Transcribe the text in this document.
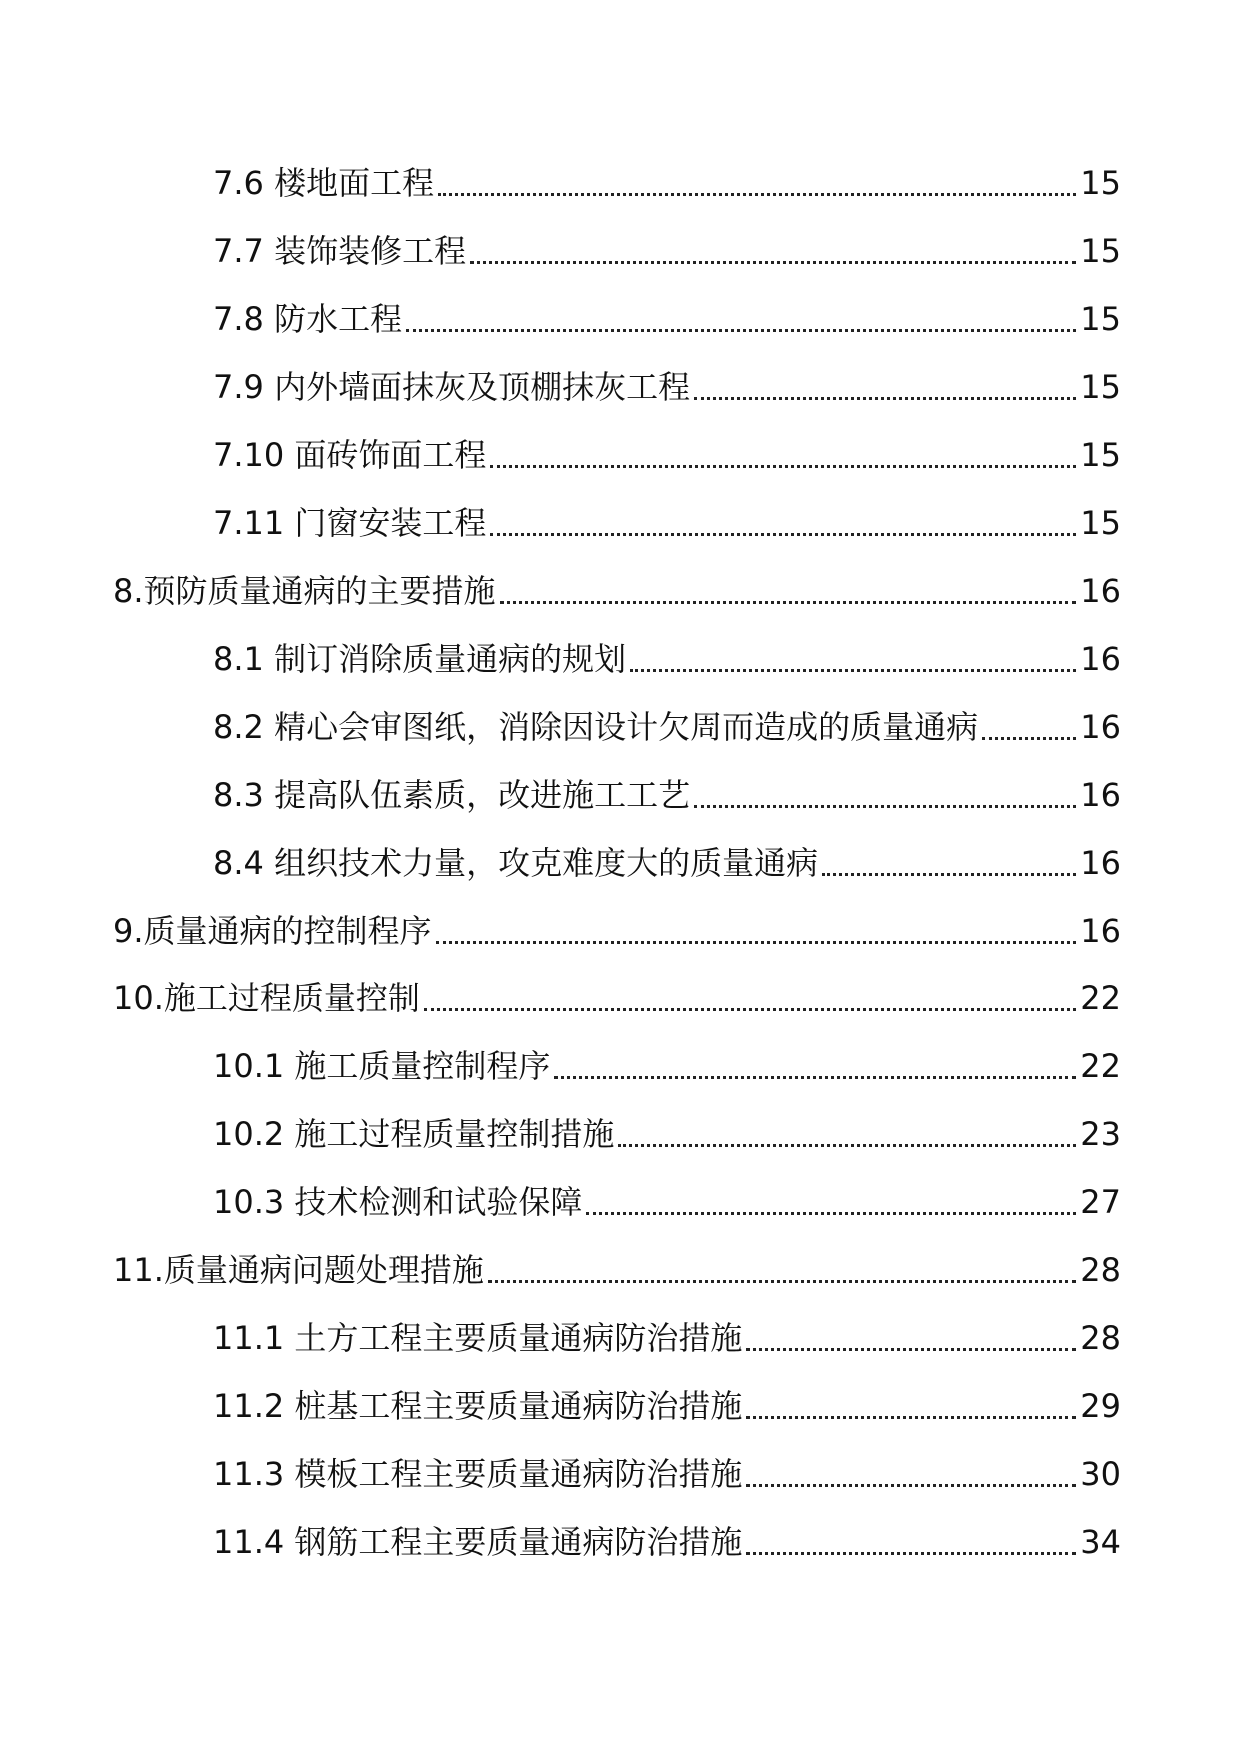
7.6 楼地面工程	15
7.7 装饰装修工程	15
7.8 防水工程	15
7.9 内外墙面抹灰及顶棚抹灰工程	15
7.10 面砖饰面工程	15
7.11 门窗安装工程	15
8.预防质量通病的主要措施	16
8.1 制订消除质量通病的规划	16
8.2 精心会审图纸，消除因设计欠周而造成的质量通病	16
8.3 提高队伍素质，改进施工工艺	16
8.4 组织技术力量，攻克难度大的质量通病	16
9.质量通病的控制程序	16
10.施工过程质量控制	22
10.1 施工质量控制程序	22
10.2 施工过程质量控制措施	23
10.3 技术检测和试验保障	27
11.质量通病问题处理措施	28
11.1 土方工程主要质量通病防治措施	28
11.2 桩基工程主要质量通病防治措施	29
11.3 模板工程主要质量通病防治措施	30
11.4 钢筋工程主要质量通病防治措施	34
